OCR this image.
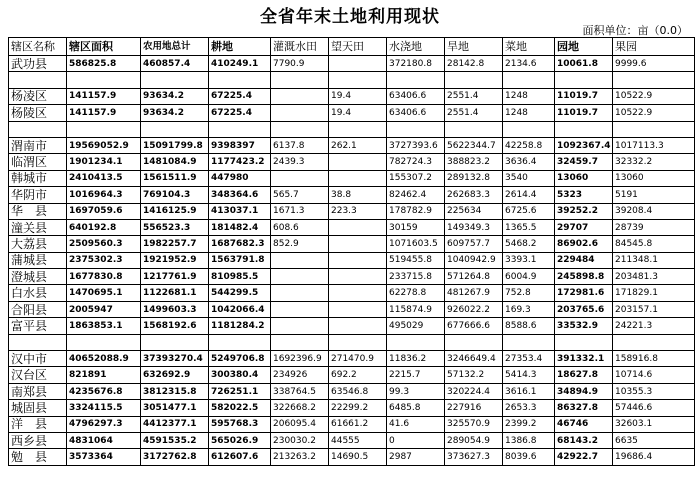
全省年末土地利用现状
面积单位：亩（0.0）
辖区名称	辖区面积	农用地总计	耕地	灌溉水田	望天田	水浇地	旱地	菜地	园地	果园
武功县	586825.8	460857.4	410249.1	7790.9		372180.8	28142.8	2134.6	10061.8	9999.6

杨凌区	141157.9	93634.2	67225.4		19.4	63406.6	2551.4	1248	11019.7	10522.9
杨陵区	141157.9	93634.2	67225.4		19.4	63406.6	2551.4	1248	11019.7	10522.9

渭南市	19569052.9	15091799.8	9398397	6137.8	262.1	3727393.6	5622344.7	42258.8	1092367.4	1017113.3
临渭区	1901234.1	1481084.9	1177423.2	2439.3		782724.3	388823.2	3636.4	32459.7	32332.2
韩城市	2410413.5	1561511.9	447980			155307.2	289132.8	3540	13060	13060
华阴市	1016964.3	769104.3	348364.6	565.7	38.8	82462.4	262683.3	2614.4	5323	5191
华　县	1697059.6	1416125.9	413037.1	1671.3	223.3	178782.9	225634	6725.6	39252.2	39208.4
潼关县	640192.8	556523.3	181482.4	608.6		30159	149349.3	1365.5	29707	28739
大荔县	2509560.3	1982257.7	1687682.3	852.9		1071603.5	609757.7	5468.2	86902.6	84545.8
蒲城县	2375302.3	1921952.9	1563791.8			519455.8	1040942.9	3393.1	229484	211348.1
澄城县	1677830.8	1217761.9	810985.5			233715.8	571264.8	6004.9	245898.8	203481.3
白水县	1470695.1	1122681.1	544299.5			62278.8	481267.9	752.8	172981.6	171829.1
合阳县	2005947	1499603.3	1042066.4			115874.9	926022.2	169.3	203765.6	203157.1
富平县	1863853.1	1568192.6	1181284.2			495029	677666.6	8588.6	33532.9	24221.3

汉中市	40652088.9	37393270.4	5249706.8	1692396.9	271470.9	11836.2	3246649.4	27353.4	391332.1	158916.8
汉台区	821891	632692.9	300380.4	234926	692.2	2215.7	57132.2	5414.3	18627.8	10714.6
南郑县	4235676.8	3812315.8	726251.1	338764.5	63546.8	99.3	320224.4	3616.1	34894.9	10355.3
城固县	3324115.5	3051477.1	582022.5	322668.2	22299.2	6485.8	227916	2653.3	86327.8	57446.6
洋　县	4796297.3	4412377.1	595768.3	206095.4	61661.2	41.6	325570.9	2399.2	46746	32603.1
西乡县	4831064	4591535.2	565026.9	230030.2	44555	0	289054.9	1386.8	68143.2	6635
勉　县	3573364	3172762.8	612607.6	213263.2	14690.5	2987	373627.3	8039.6	42922.7	19686.4
